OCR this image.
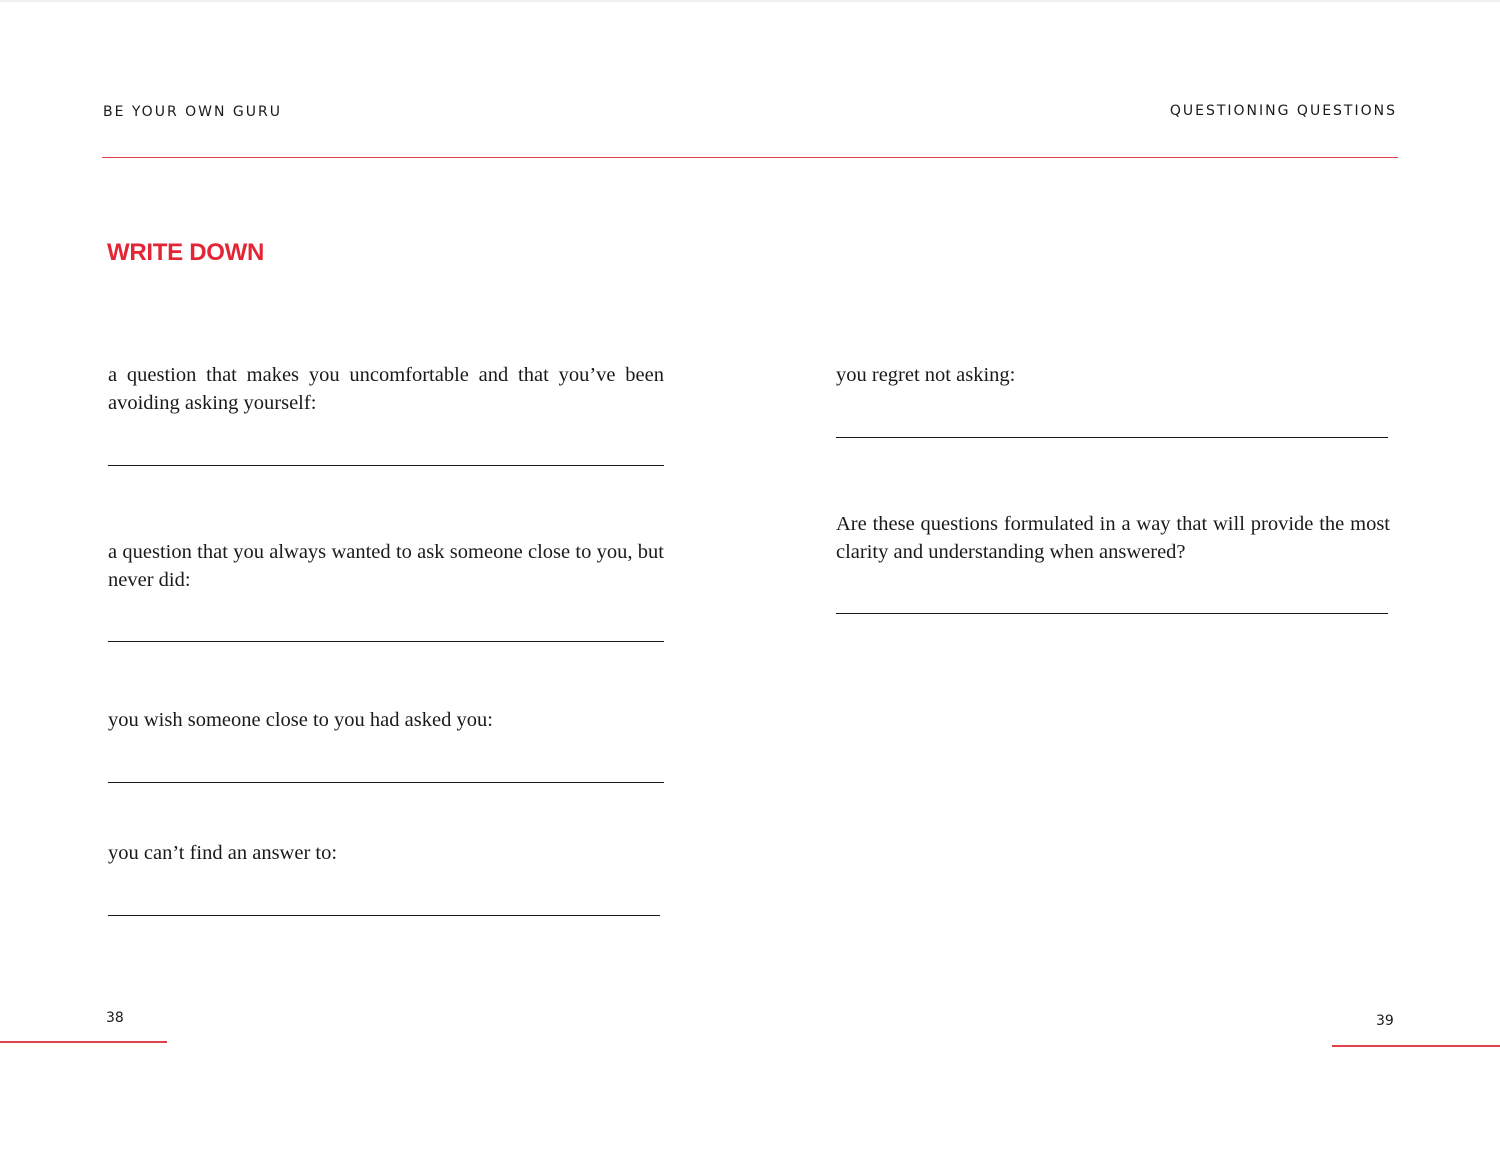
BE YOUR OWN GURU	QUESTIONING QUESTIONS
WRITE DOWN

a question that makes you uncomfortable and that you’ve been avoiding asking yourself:

a question that you always wanted to ask someone close to you, but never did:

you wish someone close to you had asked you:

you can’t find an answer to:

you regret not asking:

Are these questions formulated in a way that will provide the most clarity and understanding when answered?

38	39
